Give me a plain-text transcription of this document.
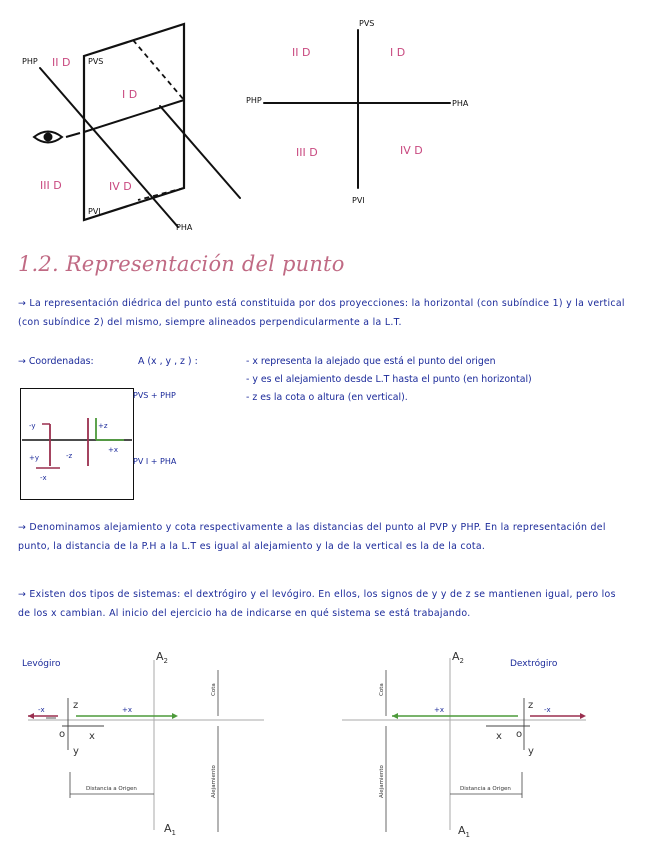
PHP	PVS
PVI
PHA
II D
I D
III D	IV D
PVS
PHP	PHA
PVI
II D	I D
III D	IV D
1.2. Representación del punto
→ La representación diédrica del punto está constituida por dos proyecciones: la horizontal (con subíndice 1) y la vertical (con subíndice 2) del mismo, siempre alineados perpendicularmente a la L.T.
→ Coordenadas:	A (x , y , z ) :	- x representa la alejado que está el punto del origen
- y es el alejamiento desde L.T hasta el punto (en horizontal)
- z es la cota o altura (en vertical).
-y	+z
+y	-z
+x
-x
PVS + PHP
PV I + PHA
→ Denominamos alejamiento y cota respectivamente a las distancias del punto al PVP y PHP. En la representación del punto, la distancia de la P.H a la L.T es igual al alejamiento y la de la vertical es la de la cota.
→ Existen dos tipos de sistemas: el dextrógiro y el levógiro. En ellos, los signos de y y de z se mantienen igual, pero los de los x cambian. Al inicio del ejercicio ha de indicarse en qué sistema se está trabajando.
Levógiro
-x	+x
$A_2$
$A_1$
z
o x
y
Cota
Alejamiento
Distancia a Origen
Dextrógiro
+x	-x
$A_2$
$A_1$
z
o
x
y
Cota
Alejamiento	Distancia a Origen
